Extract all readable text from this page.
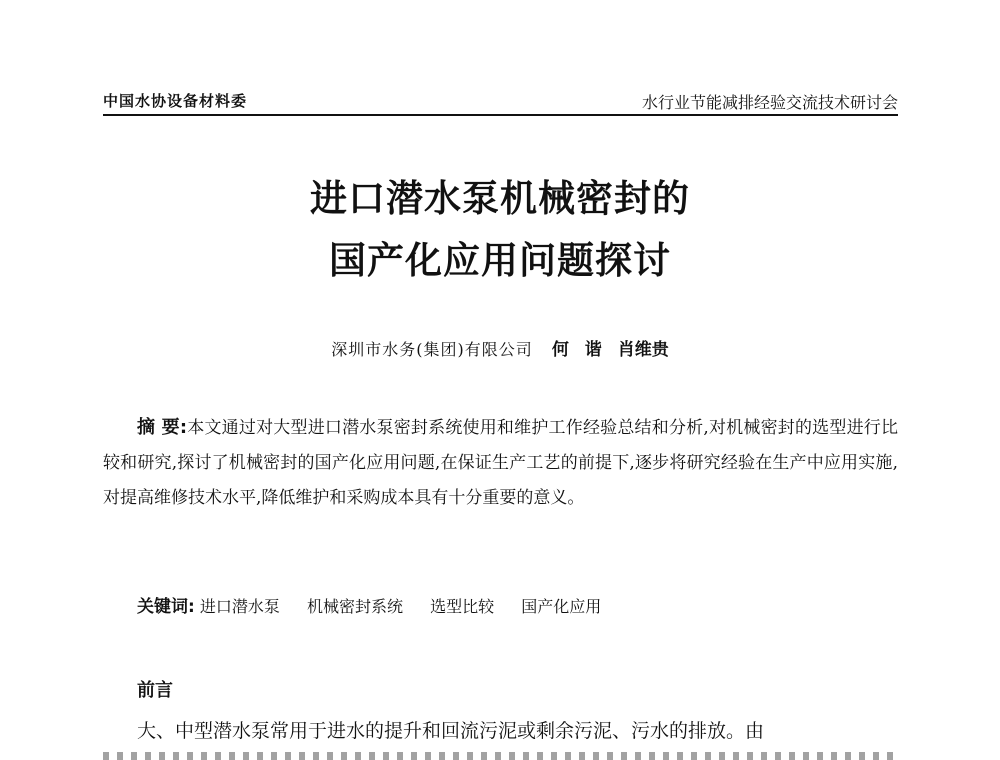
中国水协设备材料委	水行业节能减排经验交流技术研讨会
进口潜水泵机械密封的
国产化应用问题探讨
深圳市水务(集团)有限公司 何 谐 肖维贵
摘 要:本文通过对大型进口潜水泵密封系统使用和维护工作经验总结和分析,对机械密封的选型进行比较和研究,探讨了机械密封的国产化应用问题,在保证生产工艺的前提下,逐步将研究经验在生产中应用实施,对提高维修技术水平,降低维护和采购成本具有十分重要的意义。
关键词: 进口潜水泵 机械密封系统 选型比较 国产化应用
前言
大、中型潜水泵常用于进水的提升和回流污泥或剩余污泥、污水的排放。由
